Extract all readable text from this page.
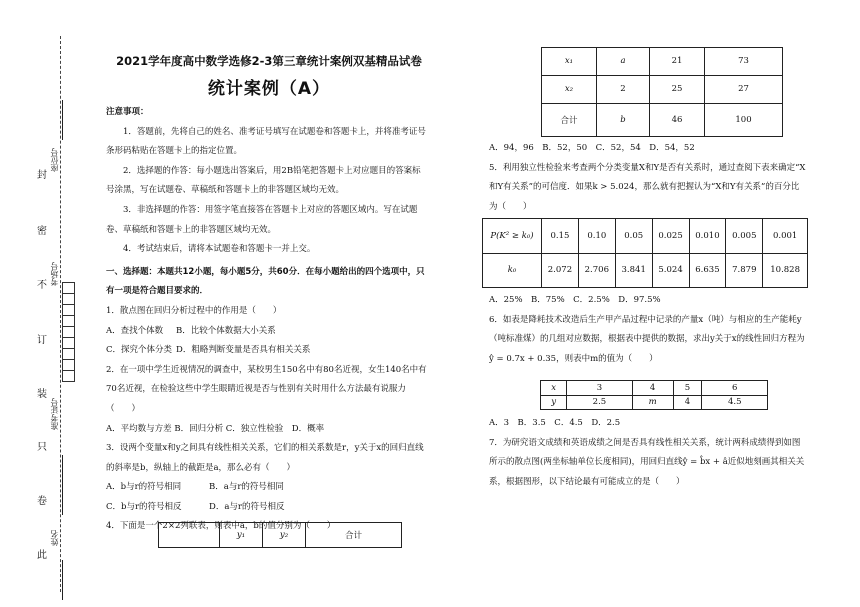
封
密
不
订
装
只
卷
此
座位号
考场号
准考证号
姓名
2021学年度高中数学选修2-3第三章统计案例双基精品试卷
统计案例（A）

注意事项：

1．答题前，先将自己的姓名、准考证号填写在试题卷和答题卡上，并将准考证号条形码粘贴在答题卡上的指定位置。

2．选择题的作答：每小题选出答案后，用2B铅笔把答题卡上对应题目的答案标号涂黑，写在试题卷、草稿纸和答题卡上的非答题区域均无效。

3．非选择题的作答：用签字笔直接答在答题卡上对应的答题区域内。写在试题卷、草稿纸和答题卡上的非答题区域均无效。

4．考试结束后，请将本试题卷和答题卡一并上交。

一、选择题：本题共12小题，每小题5分，共60分．在每小题给出的四个选项中，只有一项是符合题目要求的．

1．散点图在回归分析过程中的作用是（　　）

A．查找个体数 B．比较个体数据大小关系

C．探究个体分类 D．粗略判断变量是否具有相关关系

2．在一项中学生近视情况的调查中，某校男生150名中有80名近视，女生140名中有70名近视，在检验这些中学生眼睛近视是否与性别有关时用什么方法最有说服力（　　）

A．平均数与方差 B．回归分析 C．独立性检验　D．概率

3．设两个变量x和y之间具有线性相关关系，它们的相关系数是r，y关于x的回归直线的斜率是b，纵轴上的截距是a，那么必有（　　）

A．b与r的符号相同	B．a与r的符号相同

C．b与r的符号相反	D．a与r的符号相反

4．下面是一个2×2列联表，则表中a，b的值分别为（　　）

	y₁	y₂	合计
x₁	a	21	73
x₂	2	25	27
合计	b	46	100

A．94，96　B．52，50　C．52，54　D．54，52

5．利用独立性检验来考查两个分类变量X和Y是否有关系时，通过查阅下表来确定“X和Y有关系”的可信度．如果k > 5.024，那么就有把握认为“X和Y有关系”的百分比为（　　）

P(K² ≥ k₀)	0.15	0.10	0.05	0.025	0.010	0.005	0.001
k₀	2.072	2.706	3.841	5.024	6.635	7.879	10.828

A．25%　B．75%　C．2.5%　D．97.5%

6．如表是降耗技术改造后生产甲产品过程中记录的产量x（吨）与相应的生产能耗y（吨标准煤）的几组对应数据，根据表中提供的数据，求出y关于x的线性回归方程为ŷ = 0.7x + 0.35，则表中m的值为（　　）

x	3	4	5	6
y	2.5	m	4	4.5

A．3　B．3.5　C．4.5　D．2.5

7．为研究语文成绩和英语成绩之间是否具有线性相关关系，统计两科成绩得到如图所示的散点图(两坐标轴单位长度相同)，用回归直线ŷ = b̂x + â近似地刻画其相关关系，根据图形，以下结论最有可能成立的是（　　）
